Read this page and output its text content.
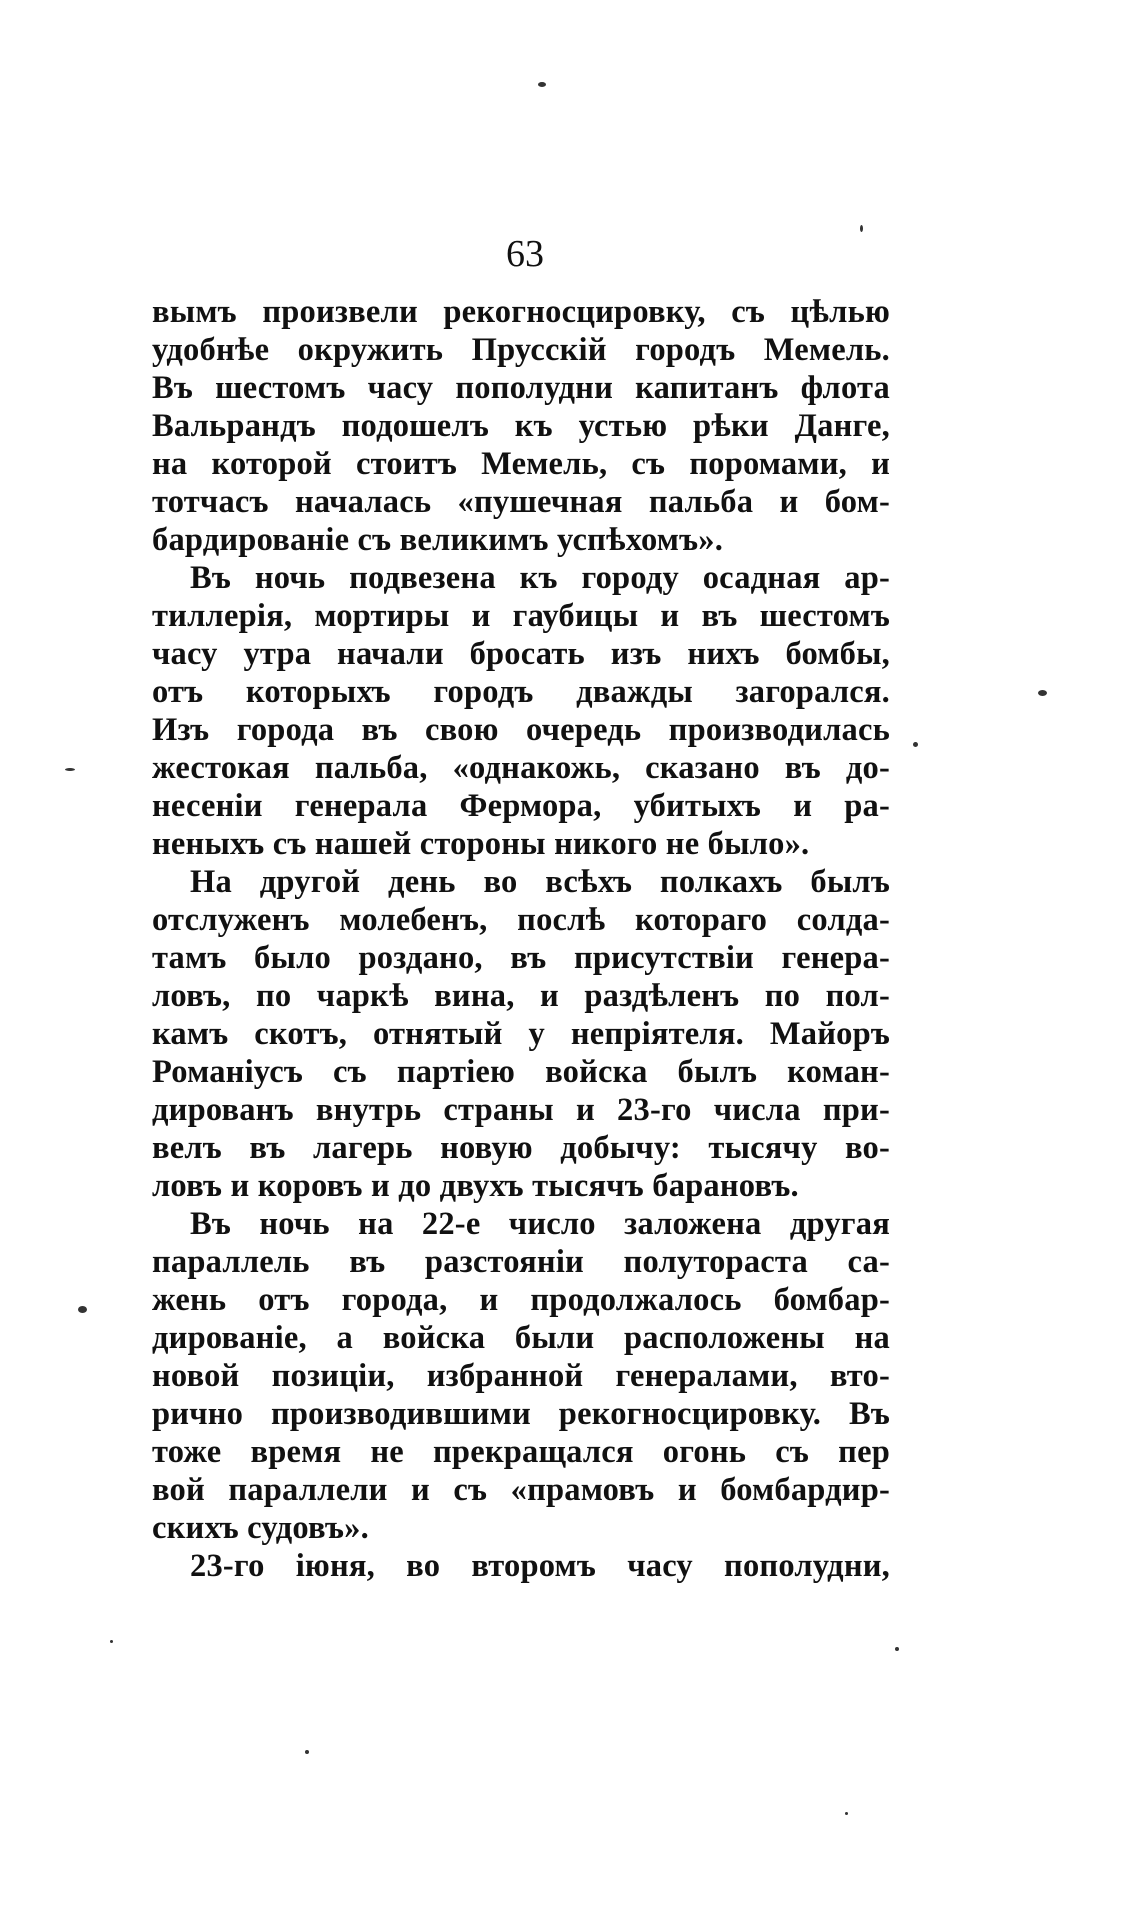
63
вымъ произвели рекогносцировку, съ цѣлью
удобнѣе окружить Прусскій городъ Мемель.
Въ шестомъ часу пополудни капитанъ флота
Вальрандъ подошелъ къ устью рѣки Данге,
на которой стоитъ Мемель, съ поромами, и
тотчасъ началась «пушечная пальба и бом-
бардированіе съ великимъ успѣхомъ».
Въ ночь подвезена къ городу осадная ар-
тиллерія, мортиры и гаубицы и въ шестомъ
часу утра начали бросать изъ нихъ бомбы,
отъ которыхъ городъ дважды загорался.
Изъ города въ свою очередь производилась
жестокая пальба, «однакожь, сказано въ до-
несеніи генерала Фермора, убитыхъ и ра-
неныхъ съ нашей стороны никого не было».
На другой день во всѣхъ полкахъ былъ
отслуженъ молебенъ, послѣ котораго солда-
тамъ было роздано, въ присутствіи генера-
ловъ, по чаркѣ вина, и раздѣленъ по пол-
камъ скотъ, отнятый у непріятеля. Майоръ
Романіусъ съ партіею войска былъ коман-
дированъ внутрь страны и 23-го числа при-
велъ въ лагерь новую добычу: тысячу во-
ловъ и коровъ и до двухъ тысячъ барановъ.
Въ ночь на 22-е число заложена другая
параллель въ разстояніи полутораста са-
жень отъ города, и продолжалось бомбар-
дированіе, а войска были расположены на
новой позиціи, избранной генералами, вто-
рично производившими рекогносцировку. Въ
тоже время не прекращался огонь съ пер
вой параллели и съ «прамовъ и бомбардир-
скихъ судовъ».
23-го іюня, во второмъ часу пополудни,
